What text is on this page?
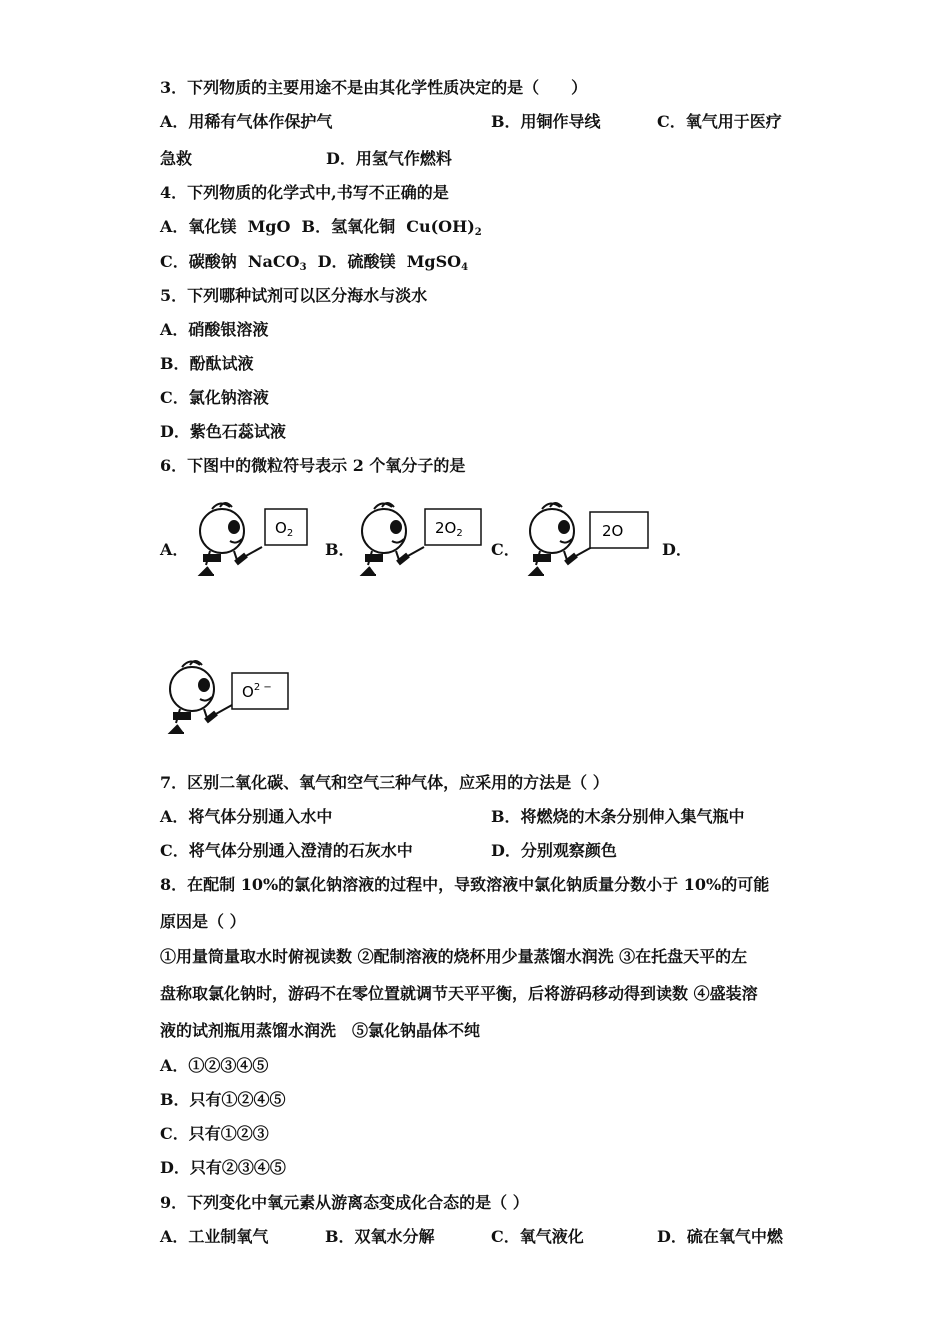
3．下列物质的主要用途不是由其化学性质决定的是（　　）
A．用稀有气体作保护气	B．用铜作导线	C．氧气用于医疗
急救	D．用氢气作燃料
4．下列物质的化学式中,书写不正确的是
A．氧化镁 MgO B．氢氧化铜 $Cu(OH)_2$
C．碳酸钠 NaCO$_3$ D．硫酸镁 MgSO$_4$
5．下列哪种试剂可以区分海水与淡水
A．硝酸银溶液
B．酚酞试液
C．氯化钠溶液
D．紫色石蕊试液
6．下图中的微粒符号表示 2 个氧分子的是
A．	B．	C．	D．
$O_2$	$2O_2$	2O
$O^{2 -}$
7．区别二氧化碳、氧气和空气三种气体，应采用的方法是（ ）
A．将气体分别通入水中	B．将燃烧的木条分别伸入集气瓶中
C．将气体分别通入澄清的石灰水中	D．分别观察颜色
8．在配制 10%的氯化钠溶液的过程中，导致溶液中氯化钠质量分数小于 10%的可能
原因是（ ）
①用量筒量取水时俯视读数 ②配制溶液的烧杯用少量蒸馏水润洗 ③在托盘天平的左
盘称取氯化钠时，游码不在零位置就调节天平平衡，后将游码移动得到读数 ④盛装溶
液的试剂瓶用蒸馏水润洗　⑤氯化钠晶体不纯
A．①②③④⑤
B．只有①②④⑤
C．只有①②③
D．只有②③④⑤
9．下列变化中氧元素从游离态变成化合态的是（ ）
A．工业制氧气	B．双氧水分解	C．氧气液化	D．硫在氧气中燃
